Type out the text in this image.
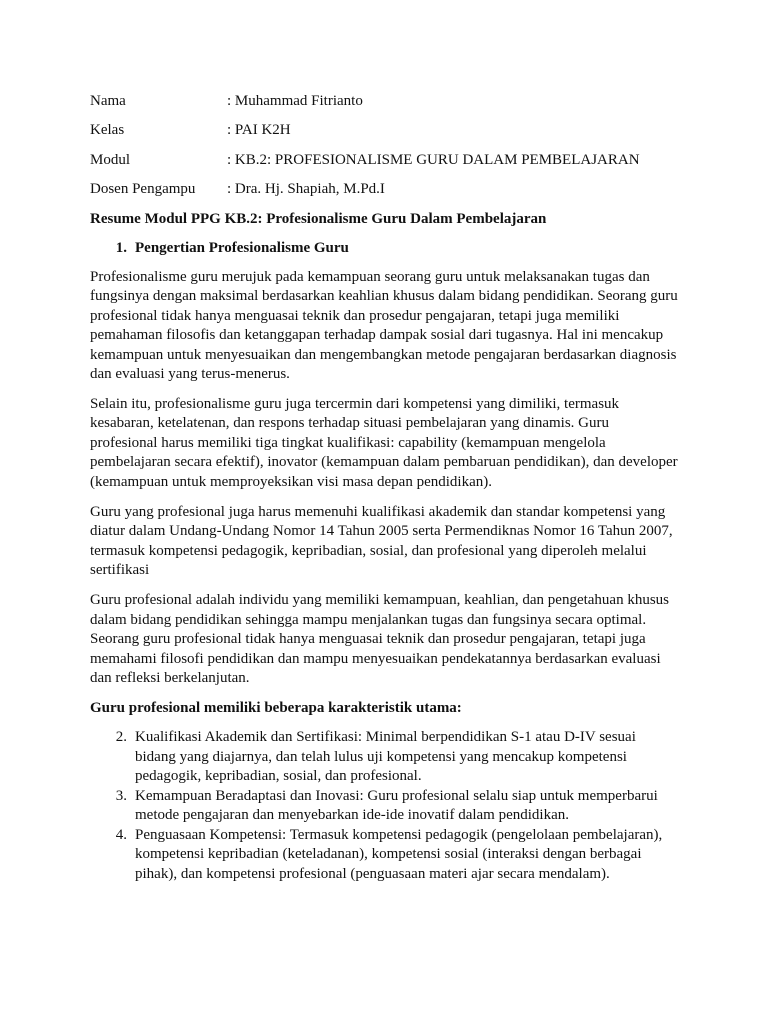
Nama	: Muhammad Fitrianto
Kelas	: PAI K2H
Modul	: KB.2: PROFESIONALISME GURU DALAM PEMBELAJARAN
Dosen Pengampu	: Dra. Hj. Shapiah, M.Pd.I
Resume Modul PPG KB.2: Profesionalisme Guru Dalam Pembelajaran
1. Pengertian Profesionalisme Guru

Profesionalisme guru merujuk pada kemampuan seorang guru untuk melaksanakan tugas dan fungsinya dengan maksimal berdasarkan keahlian khusus dalam bidang pendidikan. Seorang guru profesional tidak hanya menguasai teknik dan prosedur pengajaran, tetapi juga memiliki pemahaman filosofis dan ketanggapan terhadap dampak sosial dari tugasnya. Hal ini mencakup kemampuan untuk menyesuaikan dan mengembangkan metode pengajaran berdasarkan diagnosis dan evaluasi yang terus-menerus.

Selain itu, profesionalisme guru juga tercermin dari kompetensi yang dimiliki, termasuk kesabaran, ketelatenan, dan respons terhadap situasi pembelajaran yang dinamis. Guru profesional harus memiliki tiga tingkat kualifikasi: capability (kemampuan mengelola pembelajaran secara efektif), inovator (kemampuan dalam pembaruan pendidikan), dan developer (kemampuan untuk memproyeksikan visi masa depan pendidikan).

Guru yang profesional juga harus memenuhi kualifikasi akademik dan standar kompetensi yang diatur dalam Undang-Undang Nomor 14 Tahun 2005 serta Permendiknas Nomor 16 Tahun 2007, termasuk kompetensi pedagogik, kepribadian, sosial, dan profesional yang diperoleh melalui sertifikasi

Guru profesional adalah individu yang memiliki kemampuan, keahlian, dan pengetahuan khusus dalam bidang pendidikan sehingga mampu menjalankan tugas dan fungsinya secara optimal. Seorang guru profesional tidak hanya menguasai teknik dan prosedur pengajaran, tetapi juga memahami filosofi pendidikan dan mampu menyesuaikan pendekatannya berdasarkan evaluasi dan refleksi berkelanjutan.

Guru profesional memiliki beberapa karakteristik utama:
2. Kualifikasi Akademik dan Sertifikasi: Minimal berpendidikan S-1 atau D-IV sesuai bidang yang diajarnya, dan telah lulus uji kompetensi yang mencakup kompetensi pedagogik, kepribadian, sosial, dan profesional.
3. Kemampuan Beradaptasi dan Inovasi: Guru profesional selalu siap untuk memperbarui metode pengajaran dan menyebarkan ide-ide inovatif dalam pendidikan.
4. Penguasaan Kompetensi: Termasuk kompetensi pedagogik (pengelolaan pembelajaran), kompetensi kepribadian (keteladanan), kompetensi sosial (interaksi dengan berbagai pihak), dan kompetensi profesional (penguasaan materi ajar secara mendalam).
